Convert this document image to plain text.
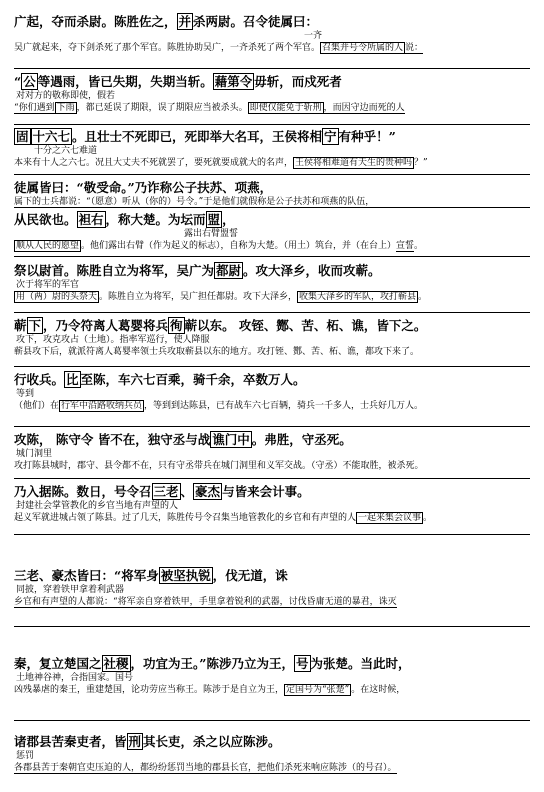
广起，夺而杀尉。陈胜佐之， 并 杀两尉。召令徒属曰：
一齐
吴广就起来，夺下剑杀死了那个军官。陈胜协助吴广，一齐杀死了两个军官。 召集并号令所属的人 说：
“ 公 等遇雨，皆已失期，失期当斩。 藉第令 毋斩，而戍死者
对对方的敬称即使，假若
“你们遇到 下雨 ，都已延误了期限，误了期限应当被杀头。 即使仅能免于斩刑 ，而因守边而死的人
固 十六七 。且壮士不死即已，死即举大名耳，王侯将相 宁 有种乎！”
十分之六七难道
本来有十人之六七。况且大丈夫不死就罢了，要死就要成就大的名声， 王侯将相难道有天生的贵种吗 ？”
徒属皆曰：“敬受命。”乃诈称公子扶苏、项燕，
属下的士兵都说：“（愿意）听从（你的）号令。”于是他们就假称是公子扶苏和项燕的队伍，
从民欲也。 袒右 ，称大楚。为坛而 盟 ，
露出右臂盟誓
顺从人民的愿望 。他们露出右臂（作为起义的标志），自称为大楚。（用土）筑台，并（在台上）宣誓。
祭以尉首。陈胜自立为将军，吴广为 都尉 。攻大泽乡，收而攻蕲。
次于将军的军官
用（两）尉的头祭天 。陈胜自立为将军，吴广担任都尉。攻下大泽乡， 收集大泽乡的军队，攻打蕲县 。
蕲 下 ，乃令符离人葛婴将兵 徇 蕲以东。 攻铚、酂、苦、柘、谯，皆下之。
攻下，攻克攻占（土地）。指率军巡行，使人降服
蕲县攻下后，就派符离人葛婴率领士兵攻取蕲县以东的地方。攻打铚、酂、苦、柘、谯，都攻下来了。
行收兵。 比 至陈，车六七百乘，骑千余，卒数万人。
等到
（他们）在 行军中沿路收纳兵员 ，等到到达陈县，已有战车六七百辆，骑兵一千多人，士兵好几万人。
攻陈， 陈守令 皆不在，独守丞与战 谯门中 。弗胜，守丞死。
城门洞里
攻打陈县城时，郡守、县令都不在，只有守丞带兵在城门洞里和义军交战。（守丞）不能取胜，被杀死。
乃入据陈。数日，号令召 三老 、 豪杰 与皆来会计事。
封建社会掌管教化的乡官当地有声望的人
起义军就进城占领了陈县。过了几天，陈胜传号令召集当地管教化的乡官和有声望的人 一起来集会议事 。
三老、豪杰皆曰：“将军身 被坚执锐 ，伐无道，诛
同披，穿着铁甲拿着利武器
乡官和有声望的人都说：“将军亲自穿着铁甲，手里拿着锐利的武器，讨伐昏庸无道的暴君，诛灭
秦，复立楚国之 社稷 ，功宜为王。”陈涉乃立为王， 号 为张楚。当此时，
土地神谷神，合指国家。国号
凶残暴虐的秦王，重建楚国，论功劳应当称王。陈涉于是自立为王， 定国号为“张楚” 。在这时候，
诸郡县苦秦吏者，皆 刑 其长吏，杀之以应陈涉。
惩罚
各郡县苦于秦朝官吏压迫的人，都纷纷惩罚当地的郡县长官，把他们杀死来响应陈涉（的号召）。
